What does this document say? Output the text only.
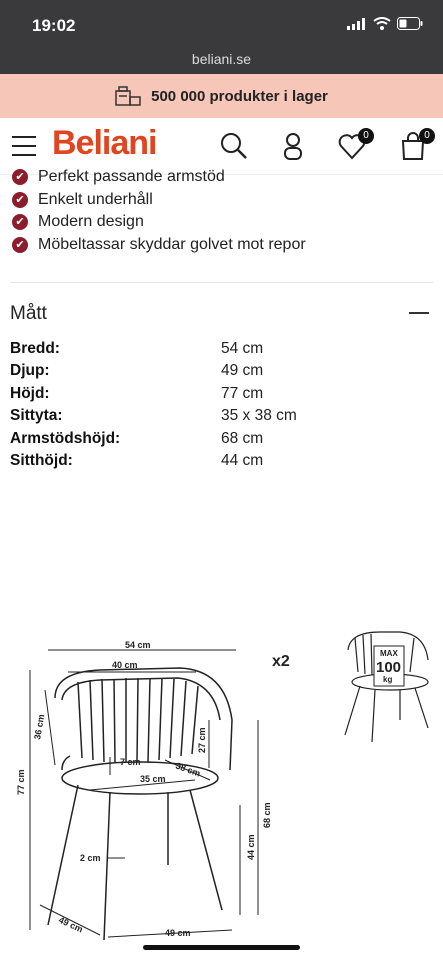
19:02
beliani.se
500 000 produkter i lager
Beliani	0	0
✔ Perfekt passande armstöd
✔ Enkelt underhåll
✔ Modern design
✔ Möbeltassar skyddar golvet mot repor
Mått
Bredd:	54 cm
Djup:	49 cm
Höjd:	77 cm
Sittyta:	35 x 38 cm
Armstödshöjd:	68 cm
Sitthöjd:	44 cm
54 cm
40 cm	x2
36 cm
77 cm
27 cm
7 cm	38 cm
35 cm
68 cm
44 cm
2 cm
49 cm	49 cm
MAX
100
kg
